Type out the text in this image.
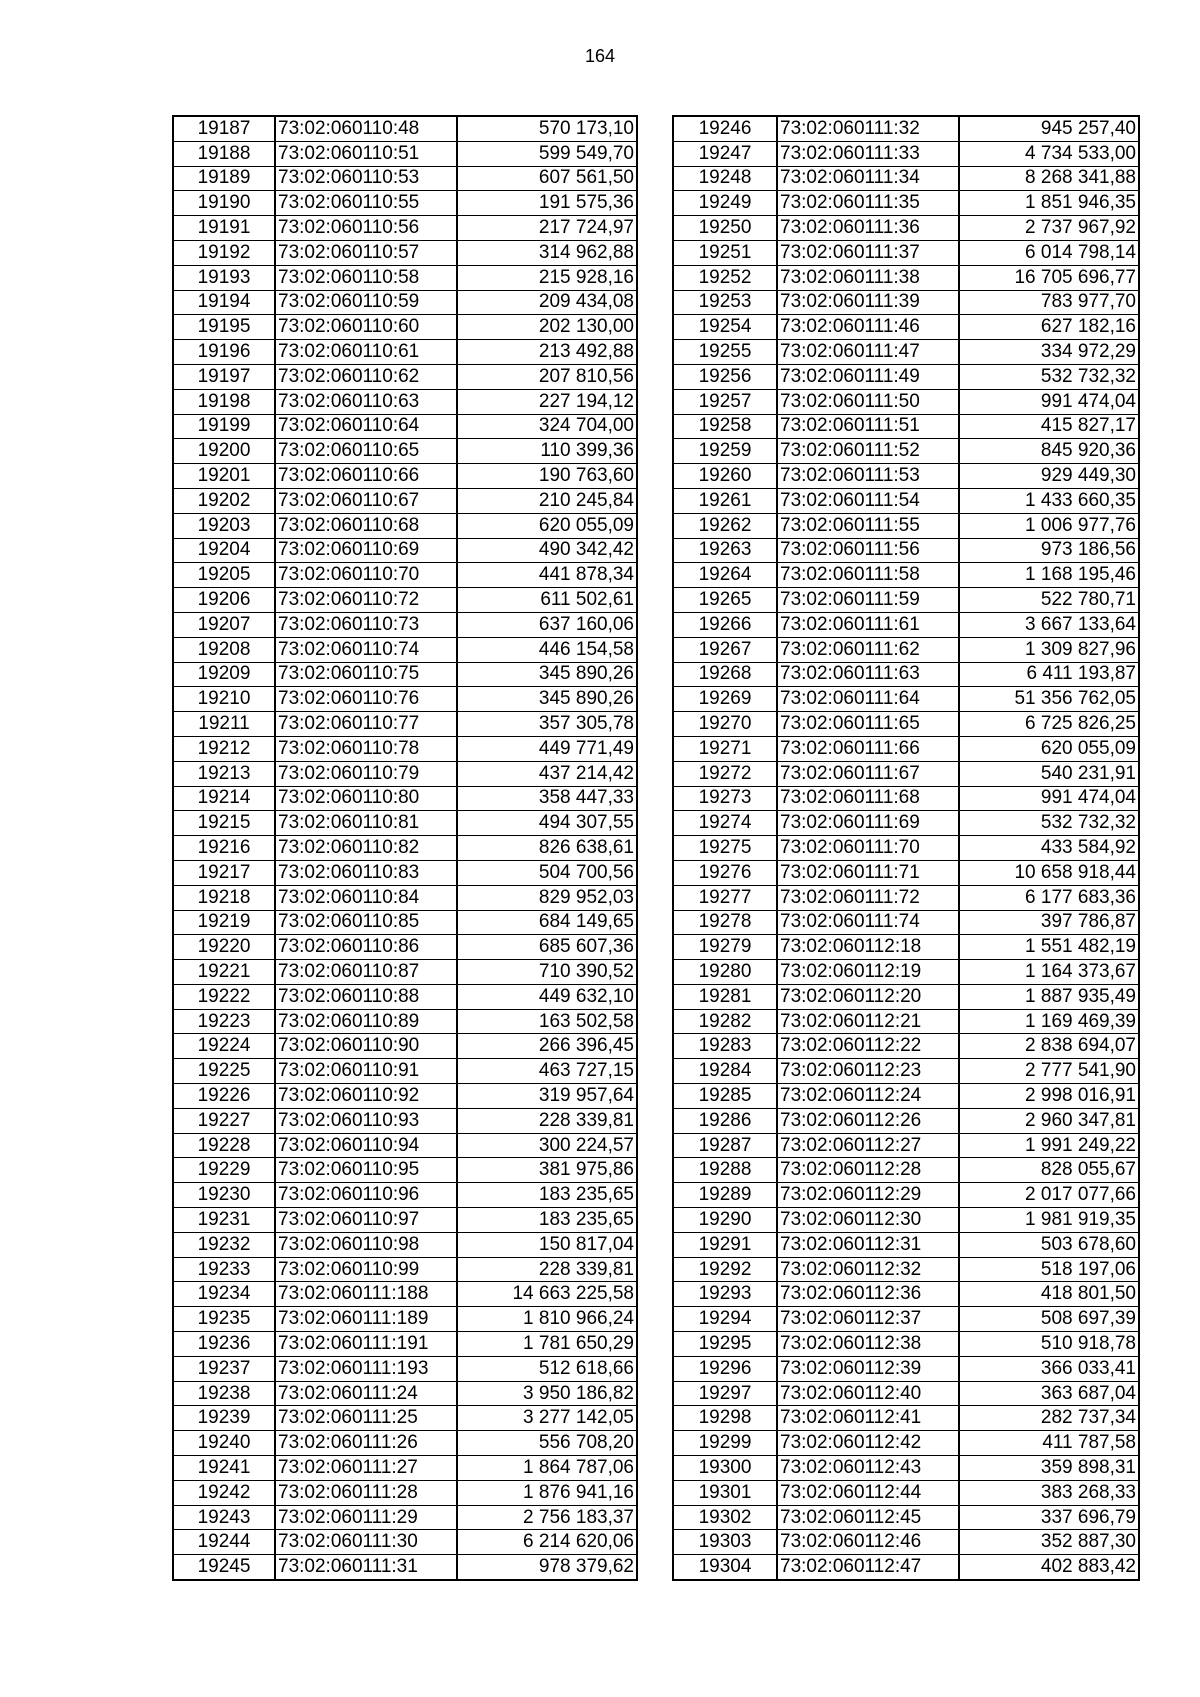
164
19187	73:02:060110:48	570 173,10
19188	73:02:060110:51	599 549,70
19189	73:02:060110:53	607 561,50
19190	73:02:060110:55	191 575,36
19191	73:02:060110:56	217 724,97
19192	73:02:060110:57	314 962,88
19193	73:02:060110:58	215 928,16
19194	73:02:060110:59	209 434,08
19195	73:02:060110:60	202 130,00
19196	73:02:060110:61	213 492,88
19197	73:02:060110:62	207 810,56
19198	73:02:060110:63	227 194,12
19199	73:02:060110:64	324 704,00
19200	73:02:060110:65	110 399,36
19201	73:02:060110:66	190 763,60
19202	73:02:060110:67	210 245,84
19203	73:02:060110:68	620 055,09
19204	73:02:060110:69	490 342,42
19205	73:02:060110:70	441 878,34
19206	73:02:060110:72	611 502,61
19207	73:02:060110:73	637 160,06
19208	73:02:060110:74	446 154,58
19209	73:02:060110:75	345 890,26
19210	73:02:060110:76	345 890,26
19211	73:02:060110:77	357 305,78
19212	73:02:060110:78	449 771,49
19213	73:02:060110:79	437 214,42
19214	73:02:060110:80	358 447,33
19215	73:02:060110:81	494 307,55
19216	73:02:060110:82	826 638,61
19217	73:02:060110:83	504 700,56
19218	73:02:060110:84	829 952,03
19219	73:02:060110:85	684 149,65
19220	73:02:060110:86	685 607,36
19221	73:02:060110:87	710 390,52
19222	73:02:060110:88	449 632,10
19223	73:02:060110:89	163 502,58
19224	73:02:060110:90	266 396,45
19225	73:02:060110:91	463 727,15
19226	73:02:060110:92	319 957,64
19227	73:02:060110:93	228 339,81
19228	73:02:060110:94	300 224,57
19229	73:02:060110:95	381 975,86
19230	73:02:060110:96	183 235,65
19231	73:02:060110:97	183 235,65
19232	73:02:060110:98	150 817,04
19233	73:02:060110:99	228 339,81
19234	73:02:060111:188	14 663 225,58
19235	73:02:060111:189	1 810 966,24
19236	73:02:060111:191	1 781 650,29
19237	73:02:060111:193	512 618,66
19238	73:02:060111:24	3 950 186,82
19239	73:02:060111:25	3 277 142,05
19240	73:02:060111:26	556 708,20
19241	73:02:060111:27	1 864 787,06
19242	73:02:060111:28	1 876 941,16
19243	73:02:060111:29	2 756 183,37
19244	73:02:060111:30	6 214 620,06
19245	73:02:060111:31	978 379,62
19246	73:02:060111:32	945 257,40
19247	73:02:060111:33	4 734 533,00
19248	73:02:060111:34	8 268 341,88
19249	73:02:060111:35	1 851 946,35
19250	73:02:060111:36	2 737 967,92
19251	73:02:060111:37	6 014 798,14
19252	73:02:060111:38	16 705 696,77
19253	73:02:060111:39	783 977,70
19254	73:02:060111:46	627 182,16
19255	73:02:060111:47	334 972,29
19256	73:02:060111:49	532 732,32
19257	73:02:060111:50	991 474,04
19258	73:02:060111:51	415 827,17
19259	73:02:060111:52	845 920,36
19260	73:02:060111:53	929 449,30
19261	73:02:060111:54	1 433 660,35
19262	73:02:060111:55	1 006 977,76
19263	73:02:060111:56	973 186,56
19264	73:02:060111:58	1 168 195,46
19265	73:02:060111:59	522 780,71
19266	73:02:060111:61	3 667 133,64
19267	73:02:060111:62	1 309 827,96
19268	73:02:060111:63	6 411 193,87
19269	73:02:060111:64	51 356 762,05
19270	73:02:060111:65	6 725 826,25
19271	73:02:060111:66	620 055,09
19272	73:02:060111:67	540 231,91
19273	73:02:060111:68	991 474,04
19274	73:02:060111:69	532 732,32
19275	73:02:060111:70	433 584,92
19276	73:02:060111:71	10 658 918,44
19277	73:02:060111:72	6 177 683,36
19278	73:02:060111:74	397 786,87
19279	73:02:060112:18	1 551 482,19
19280	73:02:060112:19	1 164 373,67
19281	73:02:060112:20	1 887 935,49
19282	73:02:060112:21	1 169 469,39
19283	73:02:060112:22	2 838 694,07
19284	73:02:060112:23	2 777 541,90
19285	73:02:060112:24	2 998 016,91
19286	73:02:060112:26	2 960 347,81
19287	73:02:060112:27	1 991 249,22
19288	73:02:060112:28	828 055,67
19289	73:02:060112:29	2 017 077,66
19290	73:02:060112:30	1 981 919,35
19291	73:02:060112:31	503 678,60
19292	73:02:060112:32	518 197,06
19293	73:02:060112:36	418 801,50
19294	73:02:060112:37	508 697,39
19295	73:02:060112:38	510 918,78
19296	73:02:060112:39	366 033,41
19297	73:02:060112:40	363 687,04
19298	73:02:060112:41	282 737,34
19299	73:02:060112:42	411 787,58
19300	73:02:060112:43	359 898,31
19301	73:02:060112:44	383 268,33
19302	73:02:060112:45	337 696,79
19303	73:02:060112:46	352 887,30
19304	73:02:060112:47	402 883,42
